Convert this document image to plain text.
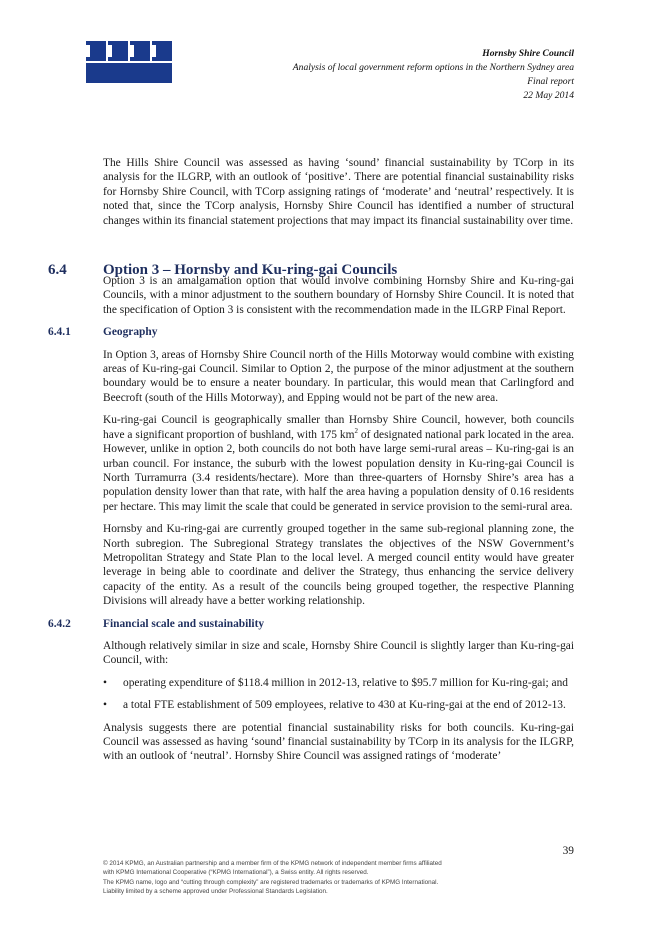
Hornsby Shire Council
Analysis of local government reform options in the Northern Sydney area
Final report
22 May 2014
6.4 Option 3 – Hornsby and Ku-ring-gai Councils

The Hills Shire Council was assessed as having ‘sound’ financial sustainability by TCorp in its analysis for the ILGRP, with an outlook of ‘positive’. There are potential financial sustainability risks for Hornsby Shire Council, with TCorp assigning ratings of ‘moderate’ and ‘neutral’ respectively. It is noted that, since the TCorp analysis, Hornsby Shire Council has identified a number of structural changes within its financial statement projections that may impact its financial sustainability over time.

Option 3 is an amalgamation option that would involve combining Hornsby Shire and Ku-ring-gai Councils, with a minor adjustment to the southern boundary of Hornsby Shire Council. It is noted that the specification of Option 3 is consistent with the recommendation made in the ILGRP Final Report.

6.4.1	Geography

In Option 3, areas of Hornsby Shire Council north of the Hills Motorway would combine with existing areas of Ku-ring-gai Council. Similar to Option 2, the purpose of the minor adjustment at the southern boundary would be to ensure a neater boundary. In particular, this would mean that Carlingford and Beecroft (south of the Hills Motorway), and Epping would not be part of the new area.

Ku-ring-gai Council is geographically smaller than Hornsby Shire Council, however, both councils have a significant proportion of bushland, with 175 $km^2$ of designated national park located in the area. However, unlike in option 2, both councils do not both have large semi-rural areas – Ku-ring-gai is an urban council. For instance, the suburb with the lowest population density in Ku-ring-gai Council is North Turramurra (3.4 residents/hectare). More than three-quarters of Hornsby Shire’s area has a population density lower than that rate, with half the area having a population density of 0.16 residents per hectare. This may limit the scale that could be generated in service provision to the semi-rural area.

Hornsby and Ku-ring-gai are currently grouped together in the same sub-regional planning zone, the North subregion. The Subregional Strategy translates the objectives of the NSW Government’s Metropolitan Strategy and State Plan to the local level. A merged council entity would have greater leverage in being able to coordinate and deliver the Strategy, thus enhancing the service delivery capacity of the entity. As a result of the councils being grouped together, the respective Planning Divisions will already have a better working relationship.

6.4.2	Financial scale and sustainability

Although relatively similar in size and scale, Hornsby Shire Council is slightly larger than Ku-ring-gai Council, with:

• operating expenditure of $118.4 million in 2012-13, relative to $95.7 million for Ku-ring-gai; and
• a total FTE establishment of 509 employees, relative to 430 at Ku-ring-gai at the end of 2012-13.

Analysis suggests there are potential financial sustainability risks for both councils. Ku-ring-gai Council was assessed as having ‘sound’ financial sustainability by TCorp in its analysis for the ILGRP, with an outlook of ‘neutral’. Hornsby Shire Council was assigned ratings of ‘moderate’

39
© 2014 KPMG, an Australian partnership and a member firm of the KPMG network of independent member firms affiliated
with KPMG International Cooperative (“KPMG International”), a Swiss entity. All rights reserved.
The KPMG name, logo and “cutting through complexity” are registered trademarks or trademarks of KPMG International.
Liability limited by a scheme approved under Professional Standards Legislation.
